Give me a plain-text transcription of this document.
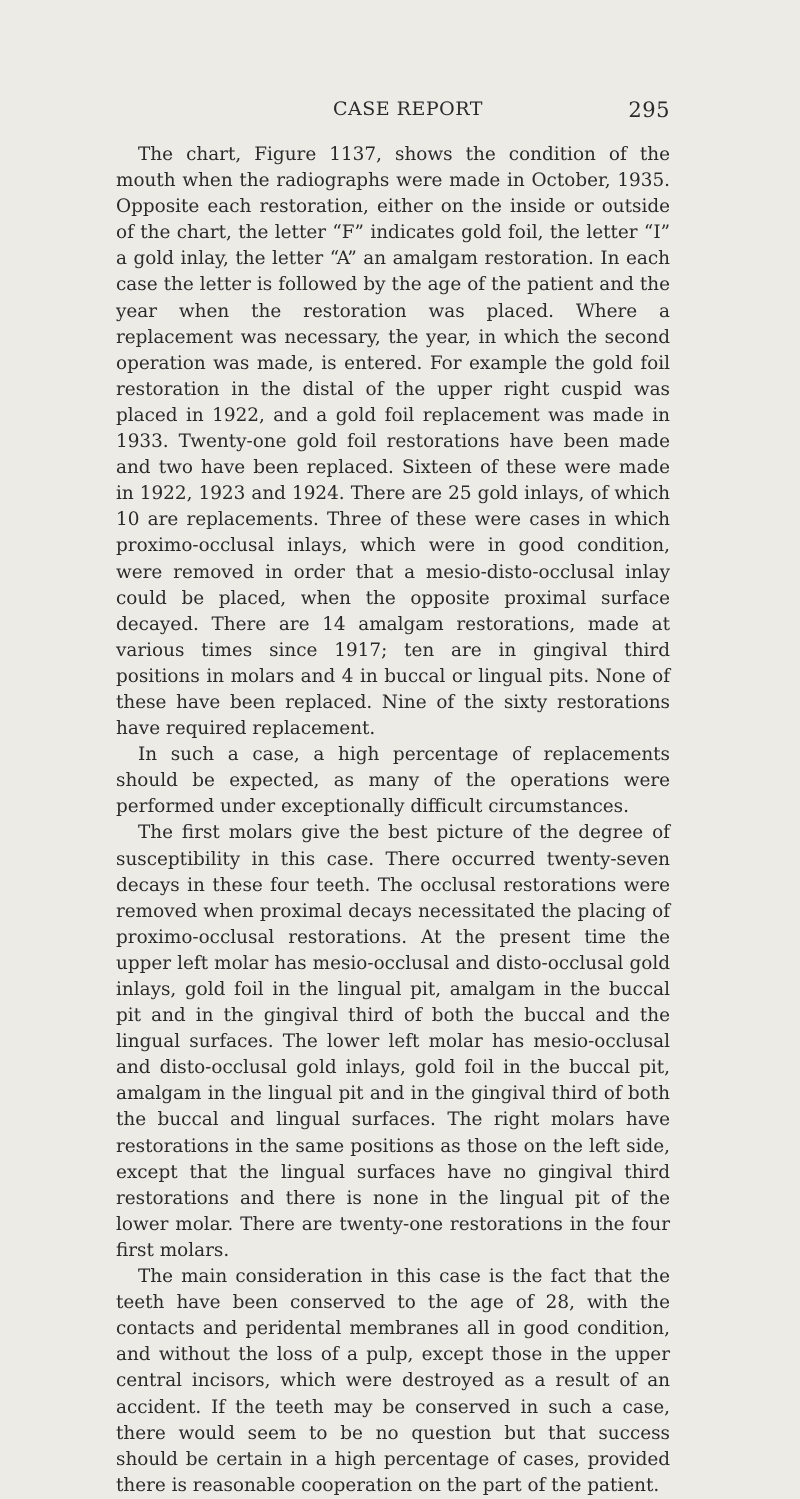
CASE REPORT	295

The chart, Figure 1137, shows the condition of the mouth when the radiographs were made in October, 1935. Opposite each restoration, either on the inside or outside of the chart, the letter “F” indicates gold foil, the letter “I” a gold inlay, the letter “A” an amalgam restoration. In each case the letter is followed by the age of the patient and the year when the restoration was placed. Where a replacement was necessary, the year, in which the second operation was made, is entered. For example the gold foil restoration in the distal of the upper right cuspid was placed in 1922, and a gold foil replacement was made in 1933. Twenty-one gold foil restorations have been made and two have been replaced. Sixteen of these were made in 1922, 1923 and 1924. There are 25 gold inlays, of which 10 are replacements. Three of these were cases in which proximo-occlusal inlays, which were in good condition, were removed in order that a mesio-disto-occlusal inlay could be placed, when the opposite proximal surface decayed. There are 14 amalgam restorations, made at various times since 1917; ten are in gingival third positions in molars and 4 in buccal or lingual pits. None of these have been replaced. Nine of the sixty restorations have required replacement.

In such a case, a high percentage of replacements should be expected, as many of the operations were performed under exceptionally difficult circumstances.

The first molars give the best picture of the degree of susceptibility in this case. There occurred twenty-seven decays in these four teeth. The occlusal restorations were removed when proximal decays necessitated the placing of proximo-occlusal restorations. At the present time the upper left molar has mesio-occlusal and disto-occlusal gold inlays, gold foil in the lingual pit, amalgam in the buccal pit and in the gingival third of both the buccal and the lingual surfaces. The lower left molar has mesio-occlusal and disto-occlusal gold inlays, gold foil in the buccal pit, amalgam in the lingual pit and in the gingival third of both the buccal and lingual surfaces. The right molars have restorations in the same positions as those on the left side, except that the lingual surfaces have no gingival third restorations and there is none in the lingual pit of the lower molar. There are twenty-one restorations in the four first molars.

The main consideration in this case is the fact that the teeth have been conserved to the age of 28, with the contacts and peridental membranes all in good condition, and without the loss of a pulp, except those in the upper central incisors, which were destroyed as a result of an accident. If the teeth may be conserved in such a case, there would seem to be no question but that success should be certain in a high percentage of cases, provided there is reasonable cooperation on the part of the patient.
